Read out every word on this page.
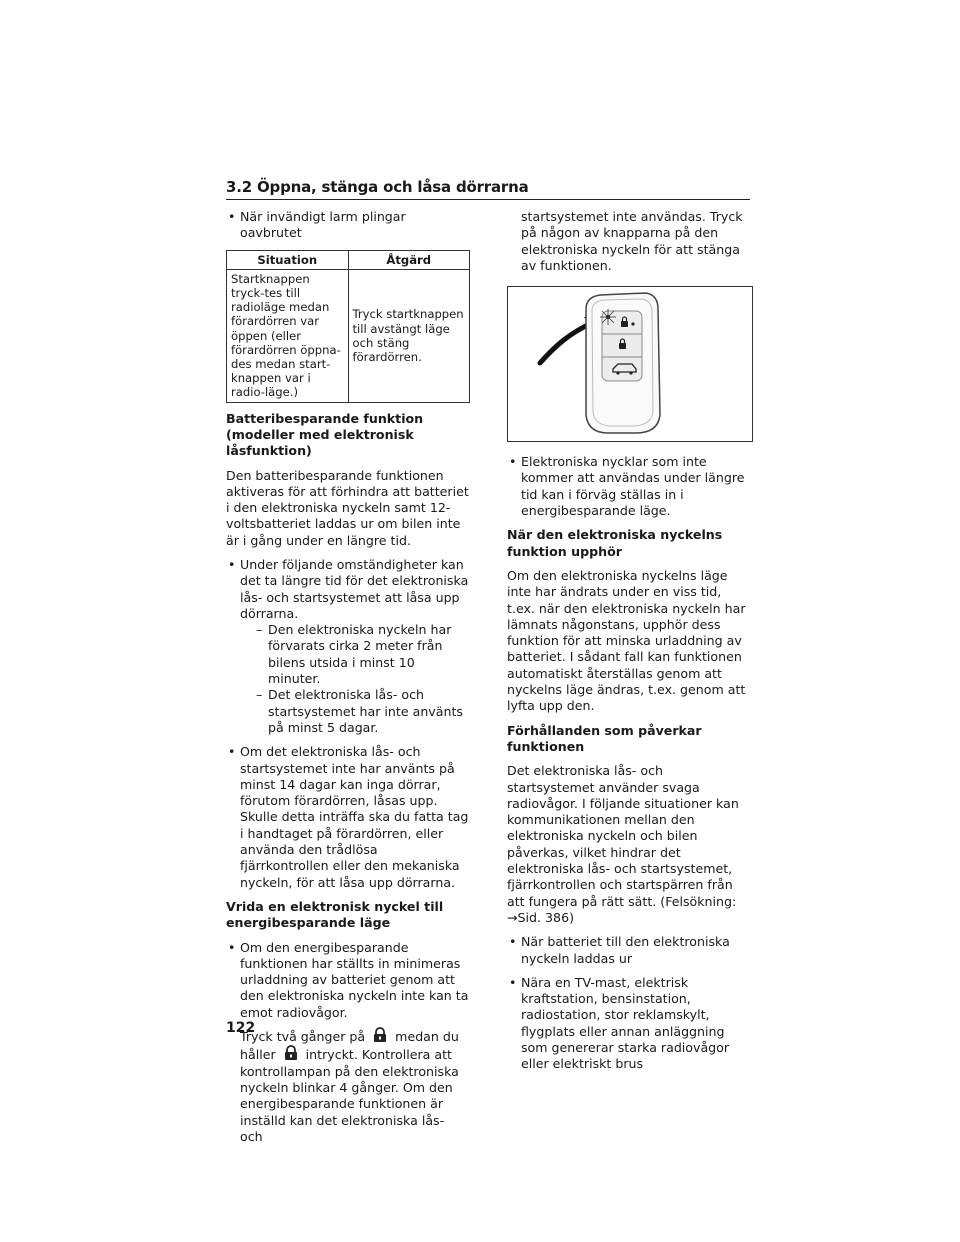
3.2 Öppna, stänga och låsa dörrarna
• När invändigt larm plingar oavbrutet
Situation	Åtgärd
Startknappen tryck-tes till radioläge medan förardörren var öppen (eller förardörren öppna-des medan start-knappen var i radio-läge.)	Tryck startknappen till avstängt läge och stäng förardörren.

Batteribesparande funktion (modeller med elektronisk låsfunktion)

Den batteribesparande funktionen aktiveras för att förhindra att batteriet i den elektroniska nyckeln samt 12-voltsbatteriet laddas ur om bilen inte är i gång under en längre tid.

• Under följande omständigheter kan det ta längre tid för det elektroniska lås- och startsystemet att låsa upp dörrarna.
– Den elektroniska nyckeln har förvarats cirka 2 meter från bilens utsida i minst 10 minuter.
– Det elektroniska lås- och startsystemet har inte använts på minst 5 dagar.
• Om det elektroniska lås- och startsystemet inte har använts på minst 14 dagar kan inga dörrar, förutom förardörren, låsas upp. Skulle detta inträffa ska du fatta tag i handtaget på förardörren, eller använda den trådlösa fjärrkontrollen eller den mekaniska nyckeln, för att låsa upp dörrarna.

Vrida en elektronisk nyckel till energibesparande läge

• Om den energibesparande funktionen har ställts in minimeras urladdning av batteriet genom att den elektroniska nyckeln inte kan ta emot radiovågor.
Tryck två gånger på medan du
håller intryckt. Kontrollera att kontrollampan på den elektroniska nyckeln blinkar 4 gånger. Om den energibesparande funktionen är inställd kan det elektroniska lås- och

startsystemet inte användas. Tryck på någon av knapparna på den elektroniska nyckeln för att stänga av funktionen.

• Elektroniska nycklar som inte kommer att användas under längre tid kan i förväg ställas in i energibesparande läge.

När den elektroniska nyckelns funktion upphör

Om den elektroniska nyckelns läge inte har ändrats under en viss tid, t.ex. när den elektroniska nyckeln har lämnats någonstans, upphör dess funktion för att minska urladdning av batteriet. I sådant fall kan funktionen automatiskt återställas genom att nyckelns läge ändras, t.ex. genom att lyfta upp den.

Förhållanden som påverkar funktionen

Det elektroniska lås- och startsystemet använder svaga radiovågor. I följande situationer kan kommunikationen mellan den elektroniska nyckeln och bilen påverkas, vilket hindrar det elektroniska lås- och startsystemet, fjärrkontrollen och startspärren från att fungera på rätt sätt. (Felsökning: →Sid. 386)

• När batteriet till den elektroniska nyckeln laddas ur
• Nära en TV-mast, elektrisk kraftstation, bensinstation, radiostation, stor reklamskylt, flygplats eller annan anläggning som genererar starka radiovågor eller elektriskt brus
122
